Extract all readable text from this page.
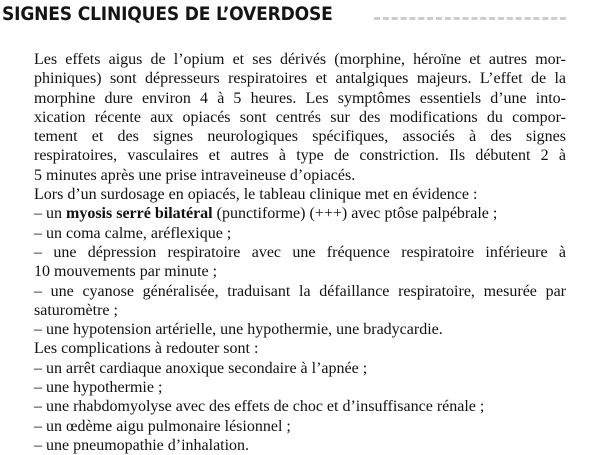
SIGNES CLINIQUES DE L’OVERDOSE
Les effets aigus de l’opium et ses dérivés (morphine, héroïne et autres mor-
phiniques) sont dépresseurs respiratoires et antalgiques majeurs. L’effet de la
morphine dure environ 4 à 5 heures. Les symptômes essentiels d’une into-
xication récente aux opiacés sont centrés sur des modifications du compor-
tement et des signes neurologiques spécifiques, associés à des signes
respiratoires, vasculaires et autres à type de constriction. Ils débutent 2 à
5 minutes après une prise intraveineuse d’opiacés.
Lors d’un surdosage en opiacés, le tableau clinique met en évidence :
– un myosis serré bilatéral (punctiforme) (+++) avec ptôse palpébrale ;
– un coma calme, aréflexique ;
– une dépression respiratoire avec une fréquence respiratoire inférieure à
10 mouvements par minute ;
– une cyanose généralisée, traduisant la défaillance respiratoire, mesurée par
saturomètre ;
– une hypotension artérielle, une hypothermie, une bradycardie.
Les complications à redouter sont :
– un arrêt cardiaque anoxique secondaire à l’apnée ;
– une hypothermie ;
– une rhabdomyolyse avec des effets de choc et d’insuffisance rénale ;
– un œdème aigu pulmonaire lésionnel ;
– une pneumopathie d’inhalation.
